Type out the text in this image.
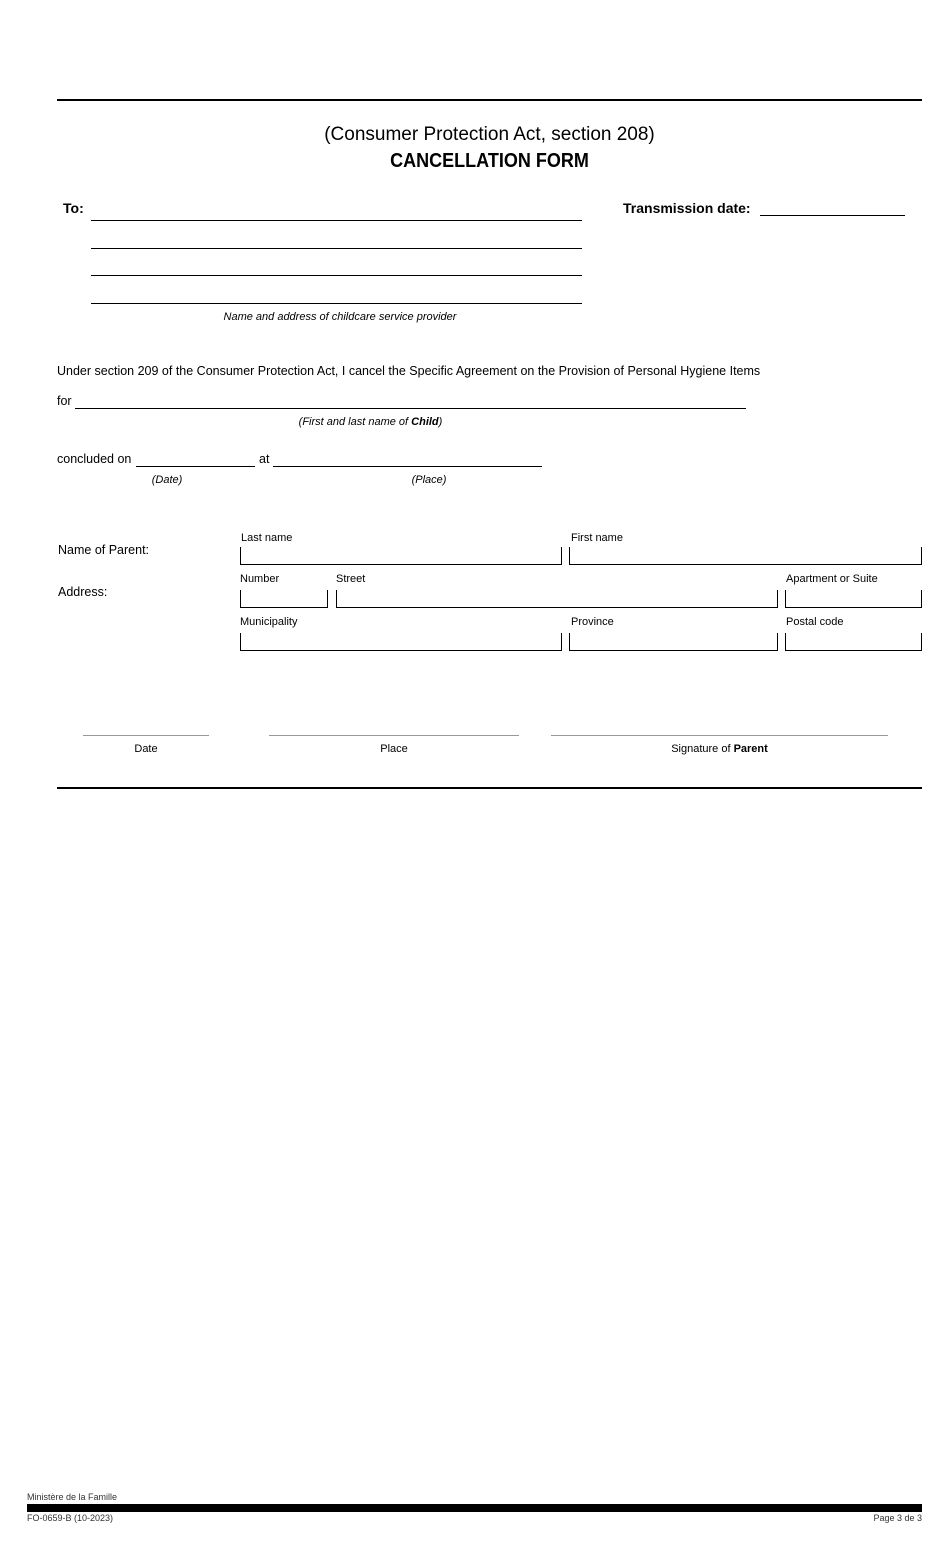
(Consumer Protection Act, section 208)
CANCELLATION FORM
To:
Name and address of childcare service provider
Transmission date:
Under section 209 of the Consumer Protection Act, I cancel the Specific Agreement on the Provision of Personal Hygiene Items
for
(First and last name of Child)
concluded on	at
(Date)	(Place)
Name of Parent:
Last name	First name
Address:
Number	Street	Apartment or Suite
Municipality	Province	Postal code
Date	Place	Signature of Parent
Ministère de la Famille
FO-0659-B (10-2023)	Page 3 de 3
